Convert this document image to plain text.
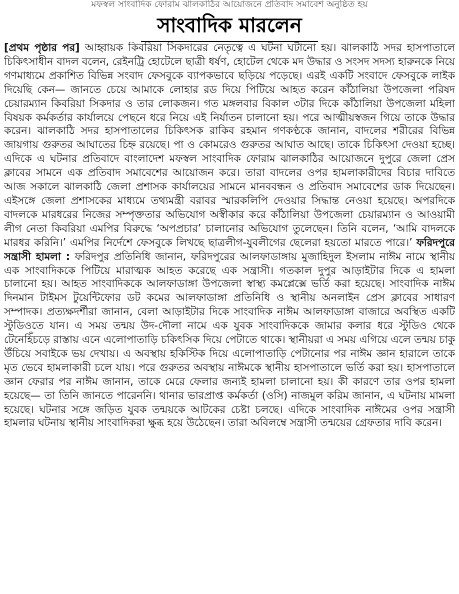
মফস্বল সাংবাদিক ফোরাম ঝালকাঠির আয়োজনে প্রতিবাদ সমাবেশ অনুষ্ঠিত হয়
সাংবাদিক মারলেন

[প্রথম পৃষ্ঠার পর] আহ্বায়ক কিবরিয়া সিকদারের নেতৃত্বে এ ঘটনা ঘটানো হয়। ঝালকাঠি সদর হাসপাতালে চিকিৎসাধীন বাদল বলেন, রেইনট্রি হোটেলে ছাত্রী ধর্ষণ, হোটেল থেকে মদ উদ্ধার ও সংসদ সদস্য হারুনকে নিয়ে গণমাধ্যমে প্রকাশিত বিভিন্ন সংবাদ ফেসবুকে ব্যাপকভাবে ছড়িয়ে পড়েছে। এরই একটি সংবাদে ফেসবুকে লাইক দিয়েছি কেন— জানতে চেয়ে আমাকে লোহার রড দিয়ে পিটিয়ে আহত করেন কাঁঠালিয়া উপজেলা পরিষদ চেয়ারম্যান কিবরিয়া সিকদার ও তার লোকজন। গত মঙ্গলবার বিকাল ৩টার দিকে কাঁঠালিয়া উপজেলা মহিলা বিষয়ক কর্মকর্তার কার্যালয়ে পেছনে ধরে নিয়ে এই নির্যাতন চালানো হয়। পরে আত্মীয়স্বজন গিয়ে তাকে উদ্ধার করেন। ঝালকাঠি সদর হাসপাতালের চিকিৎসক রাকিব রহমান গণকণ্ঠকে জানান, বাদলের শরীরের বিভিন্ন জায়গায় গুরুতর আঘাতের চিহ্ন রয়েছে। পা ও কোমরেও গুরুতর আঘাত আছে। তাকে চিকিৎসা দেওয়া হচ্ছে। এদিকে এ ঘটনার প্রতিবাদে বাংলাদেশ মফস্বল সাংবাদিক ফোরাম ঝালকাঠির আয়োজনে দুপুরে জেলা প্রেস ক্লাবের সামনে এক প্রতিবাদ সমাবেশের আয়োজন করে। তারা বাদলের ওপর হামলাকারীদের বিচার দাবিতে আজ সকালে ঝালকাঠি জেলা প্রশাসক কার্যালয়ের সামনে মানববন্ধন ও প্রতিবাদ সমাবেশের ডাক দিয়েছেন। এইসঙ্গে জেলা প্রশাসকের মাধ্যমে তথ্যমন্ত্রী বরাবর স্মারকলিপি দেওয়ার সিদ্ধান্ত নেওয়া হয়েছে। অপরদিকে বাদলকে মারধরের নিজের সম্পৃক্ততার অভিযোগ অস্বীকার করে কাঁঠালিয়া উপজেলা চেয়ারম্যান ও আওয়ামী লীগ নেতা কিবরিয়া এমপির বিরুদ্ধে ‘অপপ্রচার’ চালানোর অভিযোগ তুলেছেন। তিনি বলেন, ‘আমি বাদলকে মারধর করিনি।’ এমপির নির্দেশে ফেসবুকে লিখছে ছাত্রলীগ-যুবলীগের ছেলেরা হয়তো মারতে পারে।’ ফরিদপুরে সন্ত্রাসী হামলা : ফরিদপুর প্রতিনিধি জানান, ফরিদপুরের আলফাডাঙ্গায় মুজাহিদুল ইসলাম নাঈম নামে স্থানীয় এক সাংবাদিককে পিটিয়ে মারাত্মক আহত করেছে এক সন্ত্রাসী। গতকাল দুপুর আড়াইটার দিকে এ হামলা চালানো হয়। আহত সাংবাদিককে আলফাডাঙ্গা উপজেলা স্বাস্থ্য কমপ্লেক্সে ভর্তি করা হয়েছে। সাংবাদিক নাঈম দিনমান টাইমস টুয়েন্টিফোর ডট কমের আলফাডাঙ্গা প্রতিনিধি ও স্থানীয় অনলাইন প্রেস ক্লাবের সাধারণ সম্পাদক। প্রত্যক্ষদর্শীরা জানান, বেলা আড়াইটার দিকে সাংবাদিক নাঈম আলফাডাঙ্গা বাজারে অবস্থিত একটি স্টুডিওতে যান। এ সময় তন্ময় উদ-দৌলা নামে এক যুবক সাংবাদিককে জামার কলার ধরে স্টুডিও থেকে টেনেহিঁচড়ে রাস্তায় এনে এলোপাতাড়ি চকিৎসিক দিয়ে পেটাতে থাকে। স্থানীয়রা এ সময় এগিয়ে এলে তন্ময় চাকু উঁচিয়ে সবাইকে ভয় দেখায়। এ অবস্থায় হকিস্টিক দিয়ে এলোপাতাড়ি পেটানোর পর নাঈম জ্ঞান হারালে তাকে মৃত ভেবে হামলাকারী চলে যায়। পরে গুরুতর অবস্থায় নাঈমকে স্থানীয় হাসপাতালে ভর্তি করা হয়। হাসপাতালে জ্ঞান ফেরার পর নাঈম জানান, তাকে মেরে ফেলার জন্যই হামলা চালানো হয়। কী কারণে তার ওপর হামলা হয়েছে— তা তিনি জানতে পারেননি। থানার ভারপ্রাপ্ত কর্মকর্তা (ওসি) নাজমুল করিম জানান, এ ঘটনায় মামলা হয়েছে। ঘটনার সঙ্গে জড়িত যুবক তন্ময়কে আটকের চেষ্টা চলছে। এদিকে সাংবাদিক নাঈমের ওপর সন্ত্রাসী হামলার ঘটনায় স্থানীয় সাংবাদিকরা ক্ষুব্ধ হয়ে উঠেছেন। তারা অবিলম্বে সন্ত্রাসী তন্ময়ের গ্রেফতার দাবি করেন।
